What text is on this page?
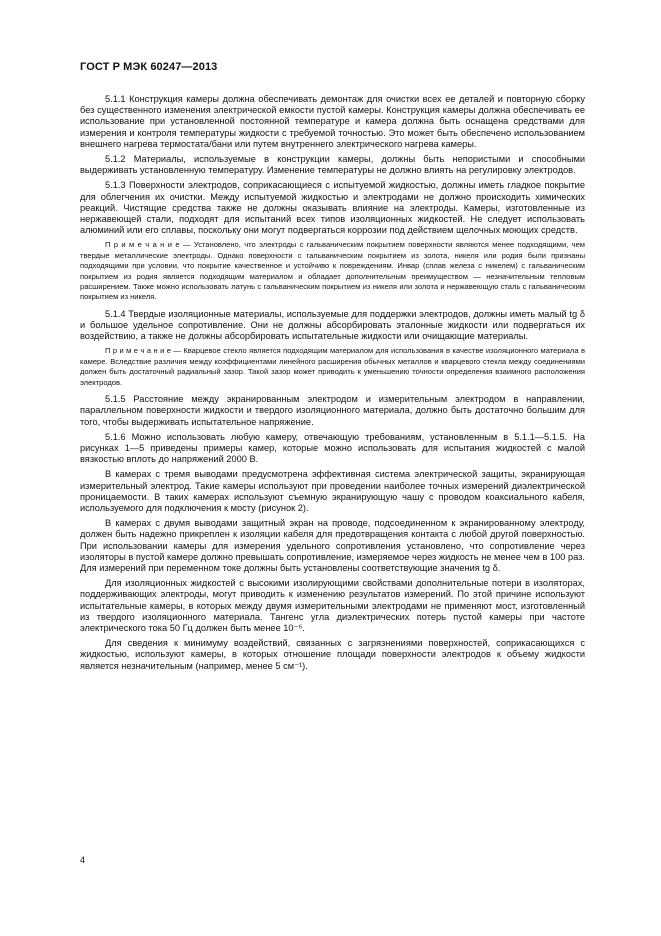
ГОСТ Р МЭК 60247—2013

5.1.1 Конструкция камеры должна обеспечивать демонтаж для очистки всех ее деталей и повторную сборку без существенного изменения электрической емкости пустой камеры. Конструкция камеры должна обеспечивать ее использование при установленной постоянной температуре и камера должна быть оснащена средствами для измерения и контроля температуры жидкости с требуемой точностью. Это может быть обеспечено использованием внешнего нагрева термостата/бани или путем внутреннего электрического нагрева камеры.

5.1.2 Материалы, используемые в конструкции камеры, должны быть непористыми и способными выдерживать установленную температуру. Изменение температуры не должно влиять на регулировку электродов.

5.1.3 Поверхности электродов, соприкасающиеся с испытуемой жидкостью, должны иметь гладкое покрытие для облегчения их очистки. Между испытуемой жидкостью и электродами не должно происходить химических реакций. Чистящие средства также не должны оказывать влияние на электроды. Камеры, изготовленные из нержавеющей стали, подходят для испытаний всех типов изоляционных жидкостей. Не следует использовать алюминий или его сплавы, поскольку они могут подвергаться коррозии под действием щелочных моющих средств.

П р и м е ч а н и е — Установлено, что электроды с гальваническим покрытием поверхности являются менее подходящими, чем твердые металлические электроды. Однако поверхности с гальваническим покрытием из золота, никеля или родия были признаны подходящими при условии, что покрытие качественное и устойчиво к повреждениям. Инвар (сплав железа с никелем) с гальваническим покрытием из родия является подходящим материалом и обладает дополнительным преимуществом — незначительным тепловым расширением. Также можно использовать латунь с гальваническим покрытием из никеля или золота и нержавеющую сталь с гальваническим покрытием из никеля.

5.1.4 Твердые изоляционные материалы, используемые для поддержки электродов, должны иметь малый tg δ и большое удельное сопротивление. Они не должны абсорбировать эталонные жидкости или подвергаться их воздействию, а также не должны абсорбировать испытательные жидкости или очищающие материалы.

П р и м е ч а н и е — Кварцевое стекло является подходящим материалом для использования в качестве изоляционного материала в камере. Вследствие различия между коэффициентами линейного расширения обычных металлов и кварцевого стекла между соединениями должен быть достаточный радиальный зазор. Такой зазор может приводить к уменьшению точности определения взаимного расположения электродов.

5.1.5 Расстояние между экранированным электродом и измерительным электродом в направлении, параллельном поверхности жидкости и твердого изоляционного материала, должно быть достаточно большим для того, чтобы выдерживать испытательное напряжение.

5.1.6 Можно использовать любую камеру, отвечающую требованиям, установленным в 5.1.1—5.1.5. На рисунках 1—5 приведены примеры камер, которые можно использовать для испытания жидкостей с малой вязкостью вплоть до напряжений 2000 В.

В камерах с тремя выводами предусмотрена эффективная система электрической защиты, экранирующая измерительный электрод. Такие камеры используют при проведении наиболее точных измерений диэлектрической проницаемости. В таких камерах используют съемную экранирующую чашу с проводом коаксиального кабеля, используемого для подключения к мосту (рисунок 2).

В камерах с двумя выводами защитный экран на проводе, подсоединенном к экранированному электроду, должен быть надежно прикреплен к изоляции кабеля для предотвращения контакта с любой другой поверхностью. При использовании камеры для измерения удельного сопротивления установлено, что сопротивление через изоляторы в пустой камере должно превышать сопротивление, измеряемое через жидкость не менее чем в 100 раз. Для измерений при переменном токе должны быть установлены соответствующие значения tg δ.

Для изоляционных жидкостей с высокими изолирующими свойствами дополнительные потери в изоляторах, поддерживающих электроды, могут приводить к изменению результатов измерений. По этой причине используют испытательные камеры, в которых между двумя измерительными электродами не применяют мост, изготовленный из твердого изоляционного материала. Тангенс угла диэлектрических потерь пустой камеры при частоте электрического тока 50 Гц должен быть менее 10⁻⁶.

Для сведения к минимуму воздействий, связанных с загрязнениями поверхностей, соприкасающихся с жидкостью, используют камеры, в которых отношение площади поверхности электродов к объему жидкости является незначительным (например, менее 5 см⁻¹).

4
